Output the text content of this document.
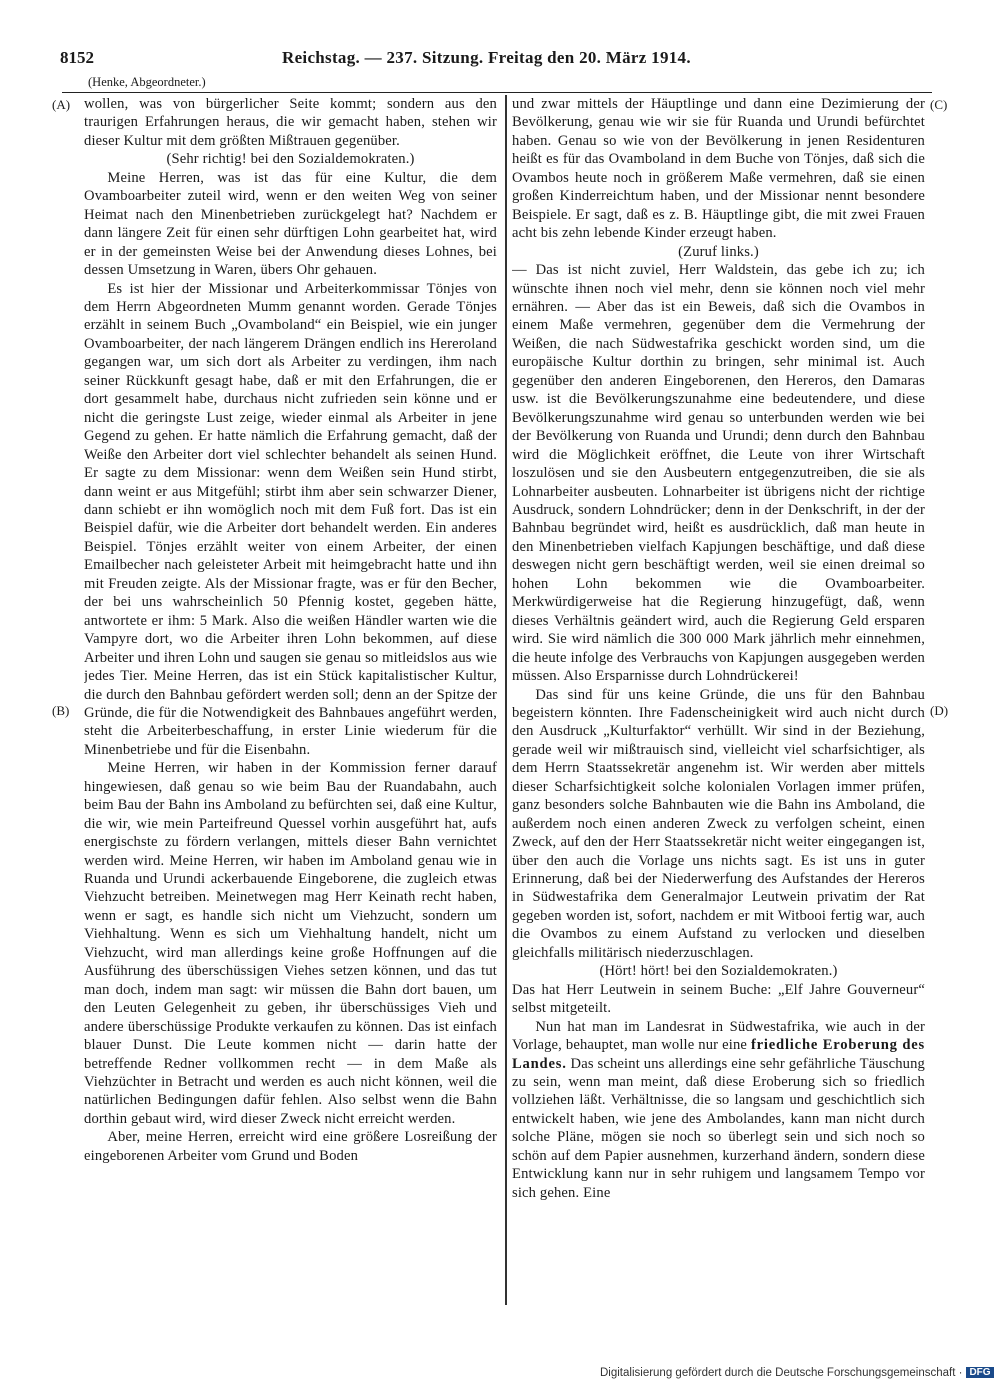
8152	Reichstag. — 237. Sitzung. Freitag den 20. März 1914.
(Henke, Abgeordneter.)
(A)
(B)
(C)
(D)

wollen, was von bürgerlicher Seite kommt; sondern aus den traurigen Erfahrungen heraus, die wir gemacht haben, stehen wir dieser Kultur mit dem größten Mißtrauen gegenüber.

(Sehr richtig! bei den Sozialdemokraten.)

Meine Herren, was ist das für eine Kultur, die dem Ovamboarbeiter zuteil wird, wenn er den weiten Weg von seiner Heimat nach den Minenbetrieben zurückgelegt hat? Nachdem er dann längere Zeit für einen sehr dürftigen Lohn gearbeitet hat, wird er in der gemeinsten Weise bei der Anwendung dieses Lohnes, bei dessen Umsetzung in Waren, übers Ohr gehauen.

Es ist hier der Missionar und Arbeiterkommissar Tönjes von dem Herrn Abgeordneten Mumm genannt worden. Gerade Tönjes erzählt in seinem Buch „Ovamboland“ ein Beispiel, wie ein junger Ovamboarbeiter, der nach längerem Drängen endlich ins Hereroland gegangen war, um sich dort als Arbeiter zu verdingen, ihm nach seiner Rückkunft gesagt habe, daß er mit den Erfahrungen, die er dort gesammelt habe, durchaus nicht zufrieden sein könne und er nicht die geringste Lust zeige, wieder einmal als Arbeiter in jene Gegend zu gehen. Er hatte nämlich die Erfahrung gemacht, daß der Weiße den Arbeiter dort viel schlechter behandelt als seinen Hund. Er sagte zu dem Missionar: wenn dem Weißen sein Hund stirbt, dann weint er aus Mitgefühl; stirbt ihm aber sein schwarzer Diener, dann schiebt er ihn womöglich noch mit dem Fuß fort. Das ist ein Beispiel dafür, wie die Arbeiter dort behandelt werden. Ein anderes Beispiel. Tönjes erzählt weiter von einem Arbeiter, der einen Emailbecher nach geleisteter Arbeit mit heimgebracht hatte und ihn mit Freuden zeigte. Als der Missionar fragte, was er für den Becher, der bei uns wahrscheinlich 50 Pfennig kostet, gegeben hätte, antwortete er ihm: 5 Mark. Also die weißen Händler warten wie die Vampyre dort, wo die Arbeiter ihren Lohn bekommen, auf diese Arbeiter und ihren Lohn und saugen sie genau so mitleidslos aus wie jedes Tier. Meine Herren, das ist ein Stück kapitalistischer Kultur, die durch den Bahnbau gefördert werden soll; denn an der Spitze der Gründe, die für die Notwendigkeit des Bahnbaues angeführt werden, steht die Arbeiterbeschaffung, in erster Linie wiederum für die Minenbetriebe und für die Eisenbahn.

Meine Herren, wir haben in der Kommission ferner darauf hingewiesen, daß genau so wie beim Bau der Ruandabahn, auch beim Bau der Bahn ins Amboland zu befürchten sei, daß eine Kultur, die wir, wie mein Parteifreund Quessel vorhin ausgeführt hat, aufs energischste zu fördern verlangen, mittels dieser Bahn vernichtet werden wird. Meine Herren, wir haben im Amboland genau wie in Ruanda und Urundi ackerbauende Eingeborene, die zugleich etwas Viehzucht betreiben. Meinetwegen mag Herr Keinath recht haben, wenn er sagt, es handle sich nicht um Viehzucht, sondern um Viehhaltung. Wenn es sich um Viehhaltung handelt, nicht um Viehzucht, wird man allerdings keine große Hoffnungen auf die Ausführung des überschüssigen Viehes setzen können, und das tut man doch, indem man sagt: wir müssen die Bahn dort bauen, um den Leuten Gelegenheit zu geben, ihr überschüssiges Vieh und andere überschüssige Produkte verkaufen zu können. Das ist einfach blauer Dunst. Die Leute kommen nicht — darin hatte der betreffende Redner vollkommen recht — in dem Maße als Viehzüchter in Betracht und werden es auch nicht können, weil die natürlichen Bedingungen dafür fehlen. Also selbst wenn die Bahn dorthin gebaut wird, wird dieser Zweck nicht erreicht werden.

Aber, meine Herren, erreicht wird eine größere Losreißung der eingeborenen Arbeiter vom Grund und Boden

und zwar mittels der Häuptlinge und dann eine Dezimierung der Bevölkerung, genau wie wir sie für Ruanda und Urundi befürchtet haben. Genau so wie von der Bevölkerung in jenen Residenturen heißt es für das Ovamboland in dem Buche von Tönjes, daß sich die Ovambos heute noch in größerem Maße vermehren, daß sie einen großen Kinderreichtum haben, und der Missionar nennt besondere Beispiele. Er sagt, daß es z. B. Häuptlinge gibt, die mit zwei Frauen acht bis zehn lebende Kinder erzeugt haben.

(Zuruf links.)

— Das ist nicht zuviel, Herr Waldstein, das gebe ich zu; ich wünschte ihnen noch viel mehr, denn sie können noch viel mehr ernähren. — Aber das ist ein Beweis, daß sich die Ovambos in einem Maße vermehren, gegenüber dem die Vermehrung der Weißen, die nach Südwestafrika geschickt worden sind, um die europäische Kultur dorthin zu bringen, sehr minimal ist. Auch gegenüber den anderen Eingeborenen, den Hereros, den Damaras usw. ist die Bevölkerungszunahme eine bedeutendere, und diese Bevölkerungszunahme wird genau so unterbunden werden wie bei der Bevölkerung von Ruanda und Urundi; denn durch den Bahnbau wird die Möglichkeit eröffnet, die Leute von ihrer Wirtschaft loszulösen und sie den Ausbeutern entgegenzutreiben, die sie als Lohnarbeiter ausbeuten. Lohnarbeiter ist übrigens nicht der richtige Ausdruck, sondern Lohndrücker; denn in der Denkschrift, in der der Bahnbau begründet wird, heißt es ausdrücklich, daß man heute in den Minenbetrieben vielfach Kapjungen beschäftige, und daß diese deswegen nicht gern beschäftigt werden, weil sie einen dreimal so hohen Lohn bekommen wie die Ovamboarbeiter. Merkwürdigerweise hat die Regierung hinzugefügt, daß, wenn dieses Verhältnis geändert wird, auch die Regierung Geld ersparen wird. Sie wird nämlich die 300 000 Mark jährlich mehr einnehmen, die heute infolge des Verbrauchs von Kapjungen ausgegeben werden müssen. Also Ersparnisse durch Lohndrückerei!

Das sind für uns keine Gründe, die uns für den Bahnbau begeistern könnten. Ihre Fadenscheinigkeit wird auch nicht durch den Ausdruck „Kulturfaktor“ verhüllt. Wir sind in der Beziehung, gerade weil wir mißtrauisch sind, vielleicht viel scharfsichtiger, als dem Herrn Staatssekretär angenehm ist. Wir werden aber mittels dieser Scharfsichtigkeit solche kolonialen Vorlagen immer prüfen, ganz besonders solche Bahnbauten wie die Bahn ins Amboland, die außerdem noch einen anderen Zweck zu verfolgen scheint, einen Zweck, auf den der Herr Staatssekretär nicht weiter eingegangen ist, über den auch die Vorlage uns nichts sagt. Es ist uns in guter Erinnerung, daß bei der Niederwerfung des Aufstandes der Hereros in Südwestafrika dem Generalmajor Leutwein privatim der Rat gegeben worden ist, sofort, nachdem er mit Witbooi fertig war, auch die Ovambos zu einem Aufstand zu verlocken und dieselben gleichfalls militärisch niederzuschlagen.

(Hört! hört! bei den Sozialdemokraten.)

Das hat Herr Leutwein in seinem Buche: „Elf Jahre Gouverneur“ selbst mitgeteilt.

Nun hat man im Landesrat in Südwestafrika, wie auch in der Vorlage, behauptet, man wolle nur eine friedliche Eroberung des Landes. Das scheint uns allerdings eine sehr gefährliche Täuschung zu sein, wenn man meint, daß diese Eroberung sich so friedlich vollziehen läßt. Verhältnisse, die so langsam und geschichtlich sich entwickelt haben, wie jene des Ambolandes, kann man nicht durch solche Pläne, mögen sie noch so überlegt sein und sich noch so schön auf dem Papier ausnehmen, kurzerhand ändern, sondern diese Entwicklung kann nur in sehr ruhigem und langsamem Tempo vor sich gehen. Eine

Digitalisierung gefördert durch die Deutsche Forschungsgemeinschaft · DFG
